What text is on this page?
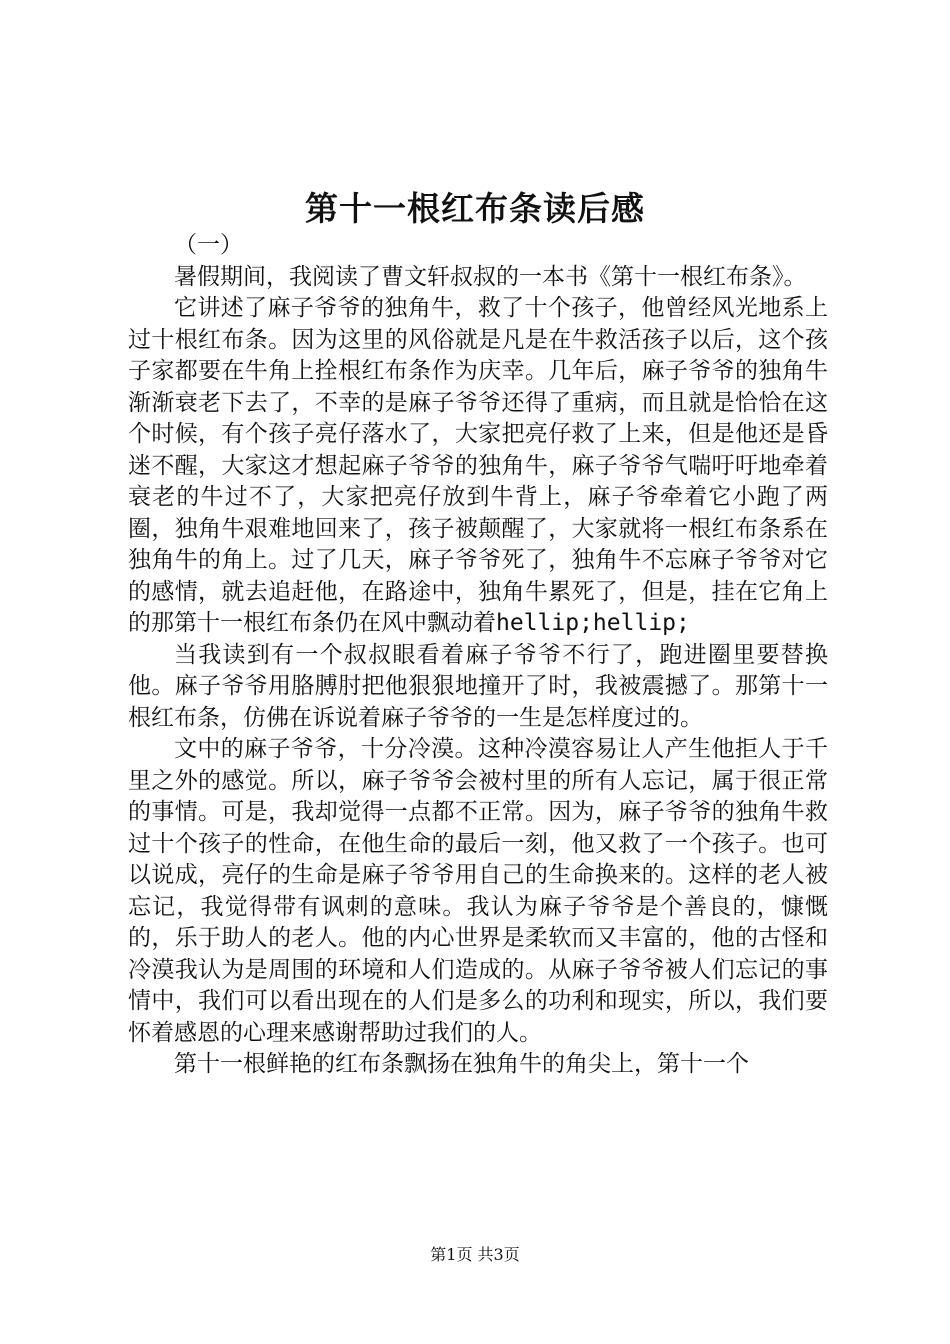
第十一根红布条读后感

（一）

暑假期间，我阅读了曹文轩叔叔的一本书《第十一根红布条》。

它讲述了麻子爷爷的独角牛，救了十个孩子，他曾经风光地系上过十根红布条。因为这里的风俗就是凡是在牛救活孩子以后，这个孩子家都要在牛角上拴根红布条作为庆幸。几年后，麻子爷爷的独角牛渐渐衰老下去了，不幸的是麻子爷爷还得了重病，而且就是恰恰在这个时候，有个孩子亮仔落水了，大家把亮仔救了上来，但是他还是昏迷不醒，大家这才想起麻子爷爷的独角牛，麻子爷爷气喘吁吁地牵着衰老的牛过不了，大家把亮仔放到牛背上，麻子爷牵着它小跑了两圈，独角牛艰难地回来了，孩子被颠醒了，大家就将一根红布条系在独角牛的角上。过了几天，麻子爷爷死了，独角牛不忘麻子爷爷对它的感情，就去追赶他，在路途中，独角牛累死了，但是，挂在它角上的那第十一根红布条仍在风中飘动着hellip;hellip;

当我读到有一个叔叔眼看着麻子爷爷不行了，跑进圈里要替换他。麻子爷爷用胳膊肘把他狠狠地撞开了时，我被震撼了。那第十一根红布条，仿佛在诉说着麻子爷爷的一生是怎样度过的。

文中的麻子爷爷，十分冷漠。这种冷漠容易让人产生他拒人于千里之外的感觉。所以，麻子爷爷会被村里的所有人忘记，属于很正常的事情。可是，我却觉得一点都不正常。因为，麻子爷爷的独角牛救过十个孩子的性命，在他生命的最后一刻，他又救了一个孩子。也可以说成，亮仔的生命是麻子爷爷用自己的生命换来的。这样的老人被忘记，我觉得带有讽刺的意味。我认为麻子爷爷是个善良的，慷慨的，乐于助人的老人。他的内心世界是柔软而又丰富的，他的古怪和冷漠我认为是周围的环境和人们造成的。从麻子爷爷被人们忘记的事情中，我们可以看出现在的人们是多么的功利和现实，所以，我们要怀着感恩的心理来感谢帮助过我们的人。

第十一根鲜艳的红布条飘扬在独角牛的角尖上，第十一个

第1页 共3页
